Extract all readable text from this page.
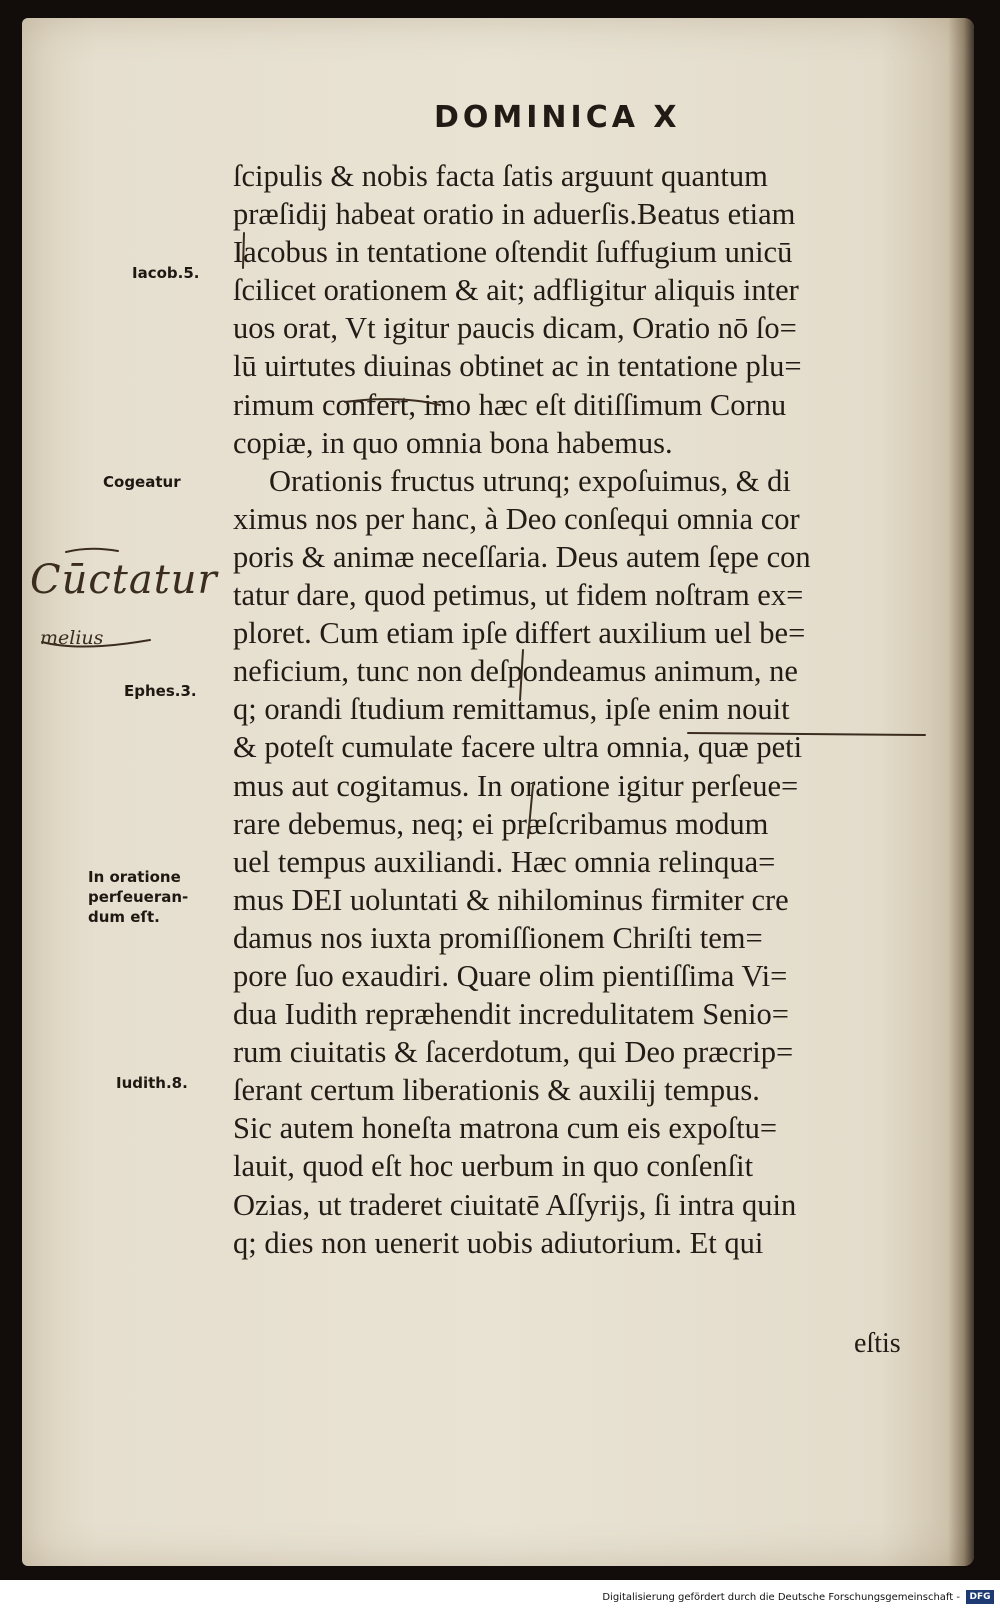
DOMINICA X
ſcipulis & nobis facta ſatis arguunt quantum
præſidij habeat oratio in aduerſis.Beatus etiam
Iacobus in tentatione oſtendit ſuffugium unicū
ſcilicet orationem & ait; adfligitur aliquis inter
uos orat, Vt igitur paucis dicam, Oratio nō ſo=
lū uirtutes diuinas obtinet ac in tentatione plu=
rimum confert, imo hæc eſt ditiſſimum Cornu
copiæ, in quo omnia bona habemus.
Orationis fructus utrunq; expoſuimus, & di
ximus nos per hanc, à Deo conſequi omnia cor
poris & animæ neceſſaria. Deus autem ſępe con
tatur dare, quod petimus, ut fidem noſtram ex=
ploret. Cum etiam ipſe differt auxilium uel be=
neficium, tunc non deſpondeamus animum, ne
q; orandi ſtudium remittamus, ipſe enim nouit
& poteſt cumulate facere ultra omnia, quæ peti
mus aut cogitamus. In oratione igitur perſeue=
rare debemus, neq; ei præſcribamus modum
uel tempus auxiliandi. Hæc omnia relinqua=
mus DEI uoluntati & nihilominus firmiter cre
damus nos iuxta promiſſionem Chriſti tem=
pore ſuo exaudiri. Quare olim pientiſſima Vi=
dua Iudith repræhendit incredulitatem Senio=
rum ciuitatis & ſacerdotum, qui Deo præcrip=
ſerant certum liberationis & auxilij tempus.
Sic autem honeſta matrona cum eis expoſtu=
lauit, quod eſt hoc uerbum in quo conſenſit
Ozias, ut traderet ciuitatē Aſſyrijs, ſi intra quin
q; dies non uenerit uobis adiutorium. Et qui
eſtis
Iacob.5.
Cogeatur
Ephes.3.
In oratione
perſeueran-
dum eſt.
Iudith.8.
Cūctatur
melius
Digitalisierung gefördert durch die Deutsche Forschungsgemeinschaft -	DFG
